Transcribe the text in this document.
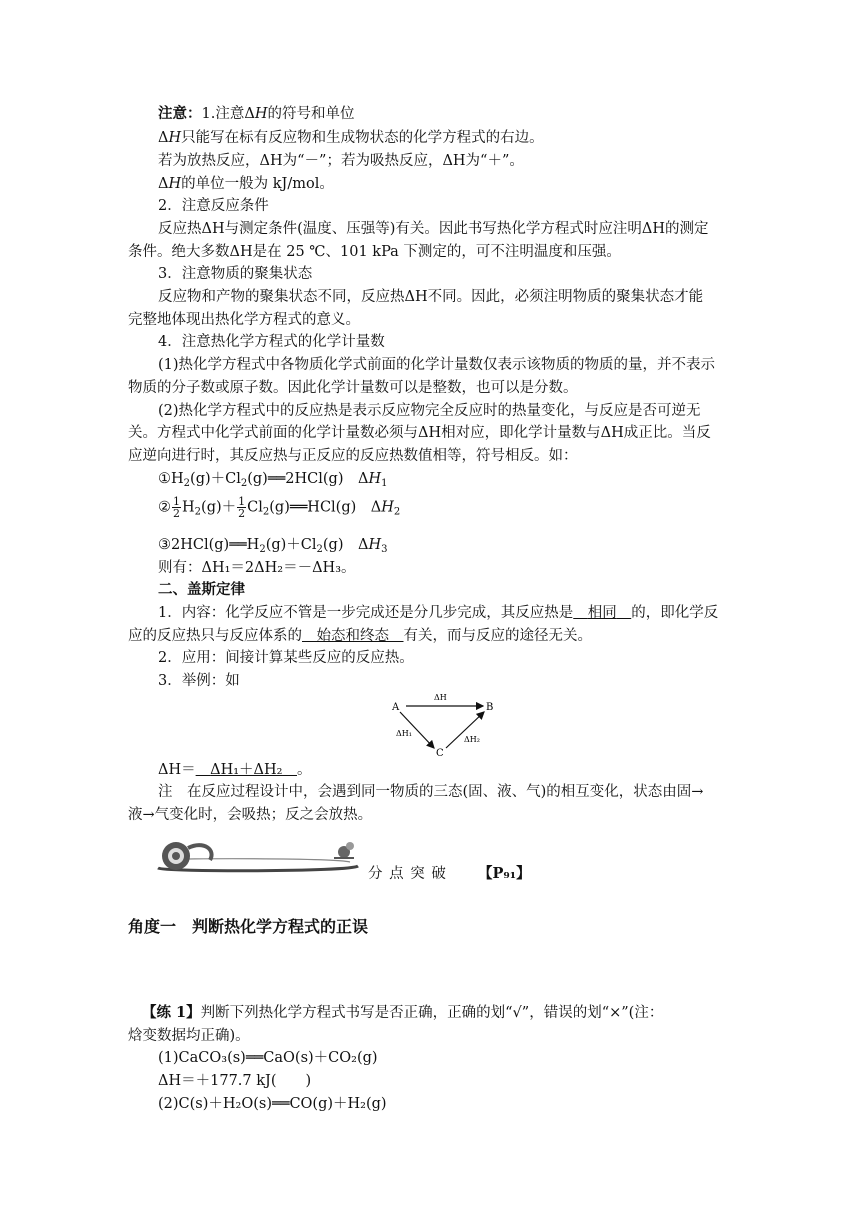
注意：1.注意ΔH的符号和单位
ΔH只能写在标有反应物和生成物状态的化学方程式的右边。
若为放热反应，ΔH为“－”；若为吸热反应，ΔH为“＋”。
ΔH的单位一般为 kJ/mol。
2．注意反应条件
反应热ΔH与测定条件(温度、压强等)有关。因此书写热化学方程式时应注明ΔH的测定
条件。绝大多数ΔH是在 25 ℃、101 kPa 下测定的，可不注明温度和压强。
3．注意物质的聚集状态
反应物和产物的聚集状态不同，反应热ΔH不同。因此，必须注明物质的聚集状态才能
完整地体现出热化学方程式的意义。
4．注意热化学方程式的化学计量数
(1)热化学方程式中各物质化学式前面的化学计量数仅表示该物质的物质的量，并不表示
物质的分子数或原子数。因此化学计量数可以是整数，也可以是分数。
(2)热化学方程式中的反应热是表示反应物完全反应时的热量变化，与反应是否可逆无
关。方程式中化学式前面的化学计量数必须与ΔH相对应，即化学计量数与ΔH成正比。当反
应逆向进行时，其反应热与正反应的反应热数值相等，符号相反。如：
$①H_2(g)+Cl_2(g)══2HCl(g)$　$\Delta H_1$
② $\frac{1}{2} H_2(g)+ \frac{1}{2}$ $Cl_2(g)══HCl(g)$　$\Delta H_2$
$③2HCl(g)══H_2(g)+Cl_2(g)$　$\Delta H_3$
则有：ΔH₁＝2ΔH₂＝－ΔH₃。
二、盖斯定律
1．内容：化学反应不管是一步完成还是分几步完成，其反应热是　 相同　 的，即化学反
应的反应热只与反应体系的　 始态和终态　 有关，而与反应的途径无关。
2．应用：间接计算某些反应的反应热。
3．举例：如
A	B
C
ΔH
ΔH₁
ΔH₂
ΔH＝　 ΔH₁＋ΔH₂　 。
注　在反应过程设计中，会遇到同一物质的三态(固、液、气)的相互变化，状态由固→
液→气变化时，会吸热；反之会放热。
分 点 突 破 【P₉₁】
角度一　判断热化学方程式的正误
【练 1】判断下列热化学方程式书写是否正确，正确的划“√”，错误的划“×”(注：
焓变数据均正确)。
(1)CaCO₃(s)══CaO(s)＋CO₂(g)
ΔH＝＋177.7 kJ(　　)
(2)C(s)＋H₂O(s)══CO(g)＋H₂(g)
